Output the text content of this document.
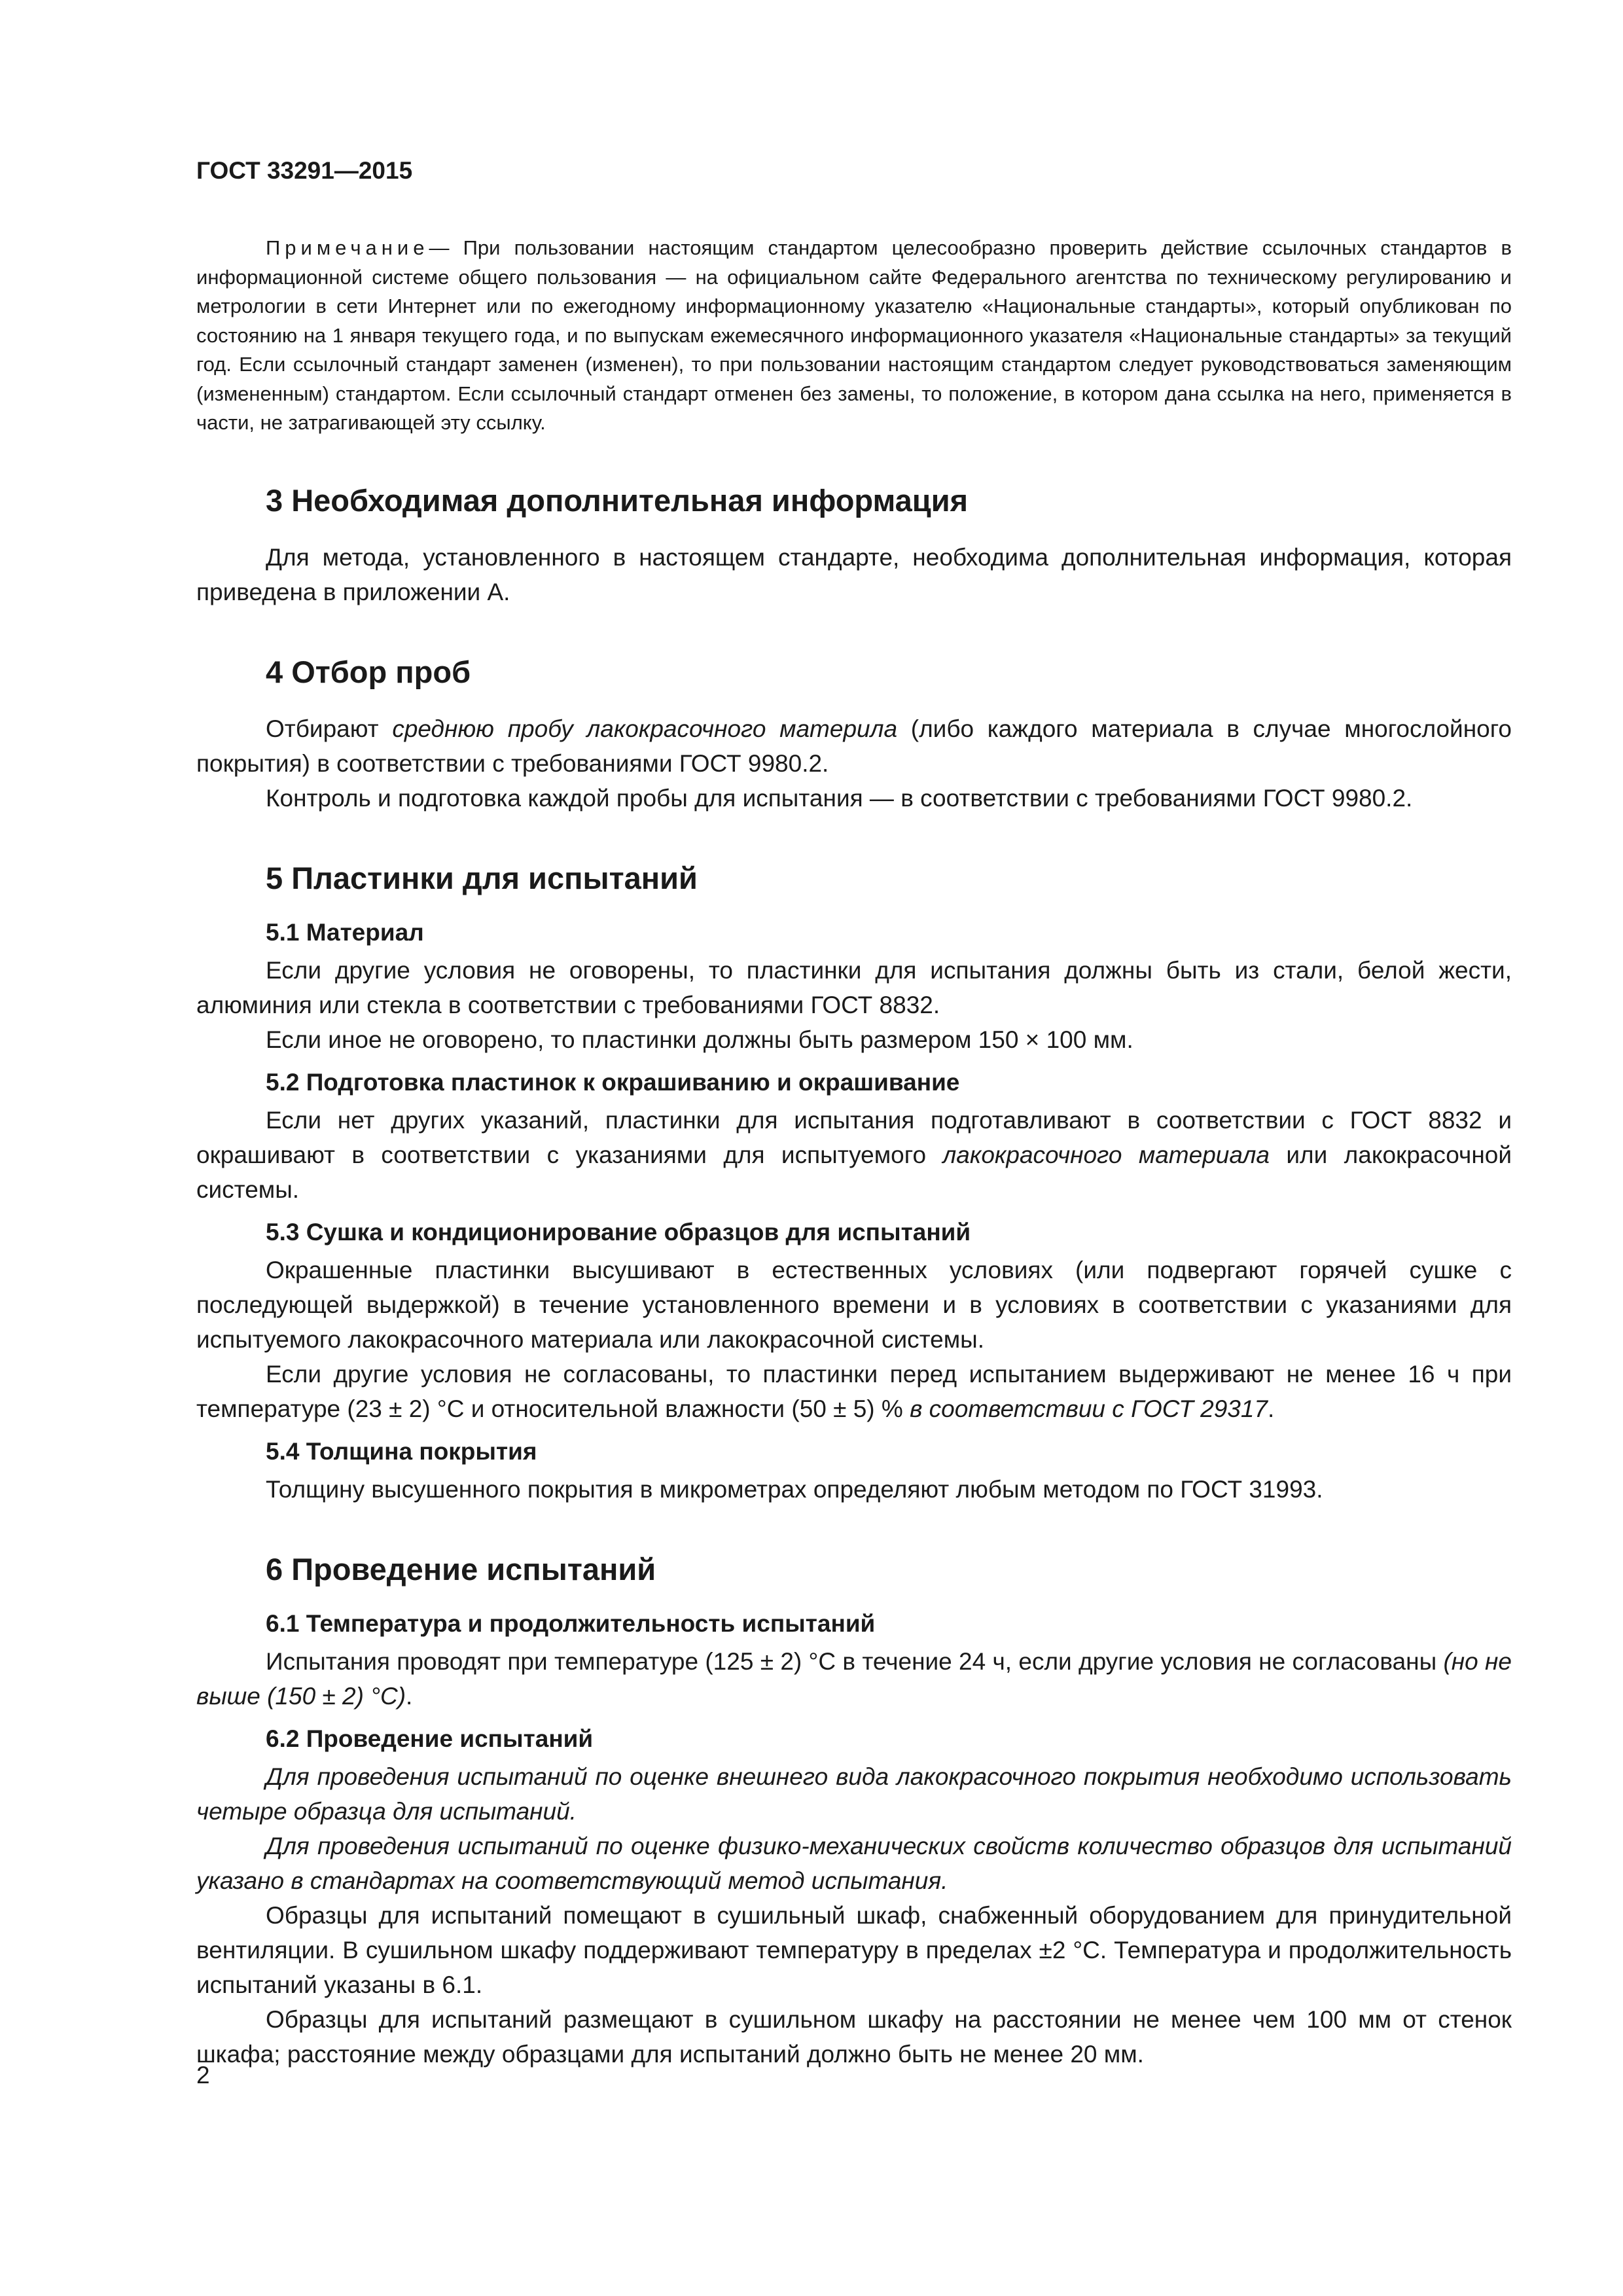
ГОСТ 33291—2015

Примечание— При пользовании настоящим стандартом целесообразно проверить действие ссылочных стандартов в информационной системе общего пользования — на официальном сайте Федерального агентства по техническому регулированию и метрологии в сети Интернет или по ежегодному информационному указателю «Национальные стандарты», который опубликован по состоянию на 1 января текущего года, и по выпускам ежемесячного информационного указателя «Национальные стандарты» за текущий год. Если ссылочный стандарт заменен (изменен), то при пользовании настоящим стандартом следует руководствоваться заменяющим (измененным) стандартом. Если ссылочный стандарт отменен без замены, то положение, в котором дана ссылка на него, применяется в части, не затрагивающей эту ссылку.

3 Необходимая дополнительная информация

Для метода, установленного в настоящем стандарте, необходима дополнительная информация, которая приведена в приложении А.

4 Отбор проб

Отбирают среднюю пробу лакокрасочного материла (либо каждого материала в случае многослойного покрытия) в соответствии с требованиями ГОСТ 9980.2.

Контроль и подготовка каждой пробы для испытания — в соответствии с требованиями ГОСТ 9980.2.

5 Пластинки для испытаний
5.1 Материал

Если другие условия не оговорены, то пластинки для испытания должны быть из стали, белой жести, алюминия или стекла в соответствии с требованиями ГОСТ 8832.

Если иное не оговорено, то пластинки должны быть размером 150 × 100 мм.

5.2 Подготовка пластинок к окрашиванию и окрашивание

Если нет других указаний, пластинки для испытания подготавливают в соответствии с ГОСТ 8832 и окрашивают в соответствии с указаниями для испытуемого лакокрасочного материала или лакокрасочной системы.

5.3 Сушка и кондиционирование образцов для испытаний

Окрашенные пластинки высушивают в естественных условиях (или подвергают горячей сушке с последующей выдержкой) в течение установленного времени и в условиях в соответствии с указаниями для испытуемого лакокрасочного материала или лакокрасочной системы.

Если другие условия не согласованы, то пластинки перед испытанием выдерживают не менее 16 ч при температуре (23 ± 2) °С и относительной влажности (50 ± 5) % в соответствии с ГОСТ 29317.

5.4 Толщина покрытия

Толщину высушенного покрытия в микрометрах определяют любым методом по ГОСТ 31993.

6 Проведение испытаний
6.1 Температура и продолжительность испытаний

Испытания проводят при температуре (125 ± 2) °С в течение 24 ч, если другие условия не согласованы (но не выше (150 ± 2) °С).

6.2 Проведение испытаний

Для проведения испытаний по оценке внешнего вида лакокрасочного покрытия необходимо использовать четыре образца для испытаний.

Для проведения испытаний по оценке физико-механических свойств количество образцов для испытаний указано в стандартах на соответствующий метод испытания.

Образцы для испытаний помещают в сушильный шкаф, снабженный оборудованием для принудительной вентиляции. В сушильном шкафу поддерживают температуру в пределах ±2 °С. Температура и продолжительность испытаний указаны в 6.1.

Образцы для испытаний размещают в сушильном шкафу на расстоянии не менее чем 100 мм от стенок шкафа; расстояние между образцами для испытаний должно быть не менее 20 мм.

2
